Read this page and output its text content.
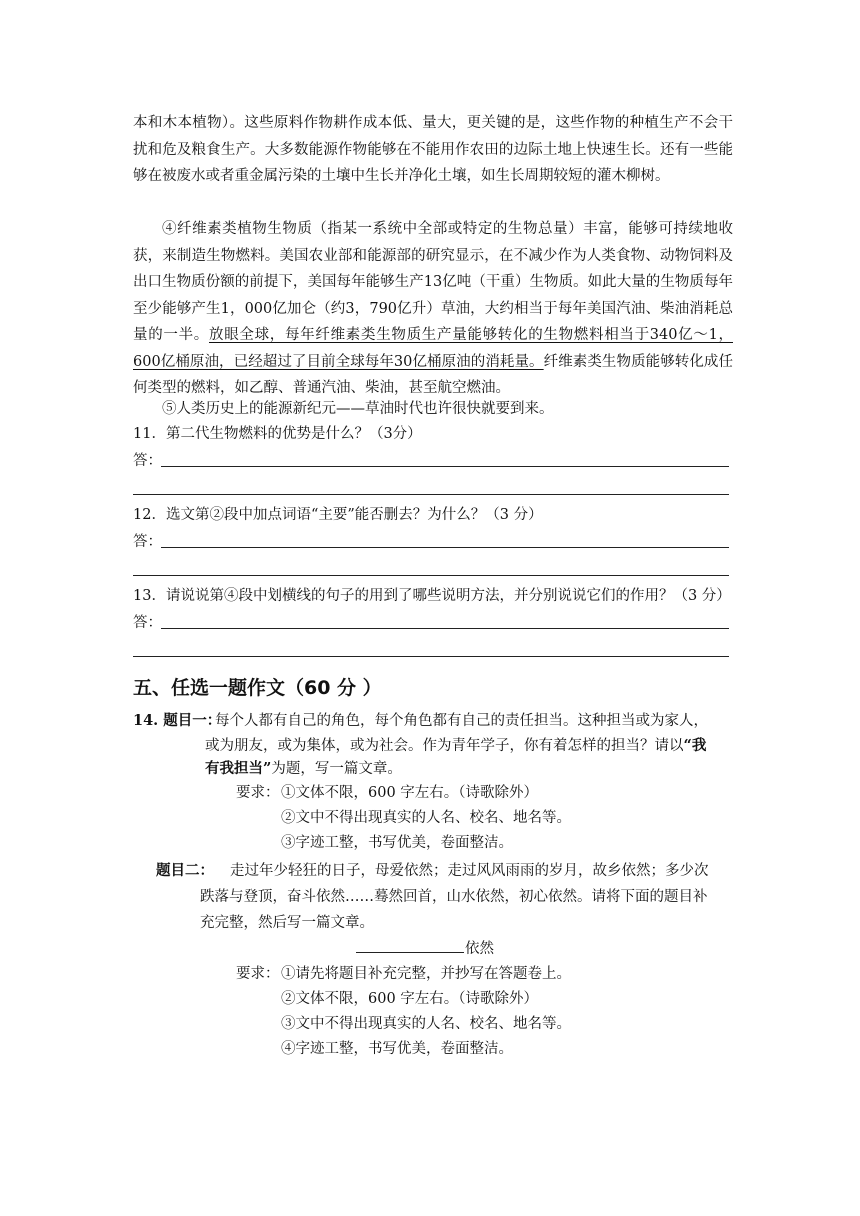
本和木本植物）。这些原料作物耕作成本低、量大，更关键的是，这些作物的种植生产不会干扰和危及粮食生产。大多数能源作物能够在不能用作农田的边际土地上快速生长。还有一些能够在被废水或者重金属污染的土壤中生长并净化土壤，如生长周期较短的灌木柳树。

④纤维素类植物生物质（指某一系统中全部或特定的生物总量）丰富，能够可持续地收获，来制造生物燃料。美国农业部和能源部的研究显示，在不减少作为人类食物、动物饲料及出口生物质份额的前提下，美国每年能够生产13亿吨（干重）生物质。如此大量的生物质每年至少能够产生1，000亿加仑（约3，790亿升）草油，大约相当于每年美国汽油、柴油消耗总量的一半。放眼全球，每年纤维素类生物质生产量能够转化的生物燃料相当于340亿～1，600亿桶原油，已经超过了目前全球每年30亿桶原油的消耗量。纤维素类生物质能够转化成任何类型的燃料，如乙醇、普通汽油、柴油，甚至航空燃油。

⑤人类历史上的能源新纪元——草油时代也许很快就要到来。

11．第二代生物燃料的优势是什么？（3分）

答：

12．选文第②段中加点词语“主要”能否删去？为什么？（3 分）

答：

13．请说说第④段中划横线的句子的用到了哪些说明方法，并分别说说它们的作用？（3 分）

答：
五、任选一题作文（60 分 ）

14. 题目一：

每个人都有自己的角色，每个角色都有自己的责任担当。这种担当或为家人，

或为朋友，或为集体，或为社会。作为青年学子，你有着怎样的担当？请以“我

有我担当”为题，写一篇文章。

要求： ①文体不限，600 字左右。（诗歌除外）

②文中不得出现真实的人名、校名、地名等。

③字迹工整，书写优美，卷面整洁。

题目二： 走过年少轻狂的日子，母爱依然；走过风风雨雨的岁月，故乡依然；多少次

跌落与登顶，奋斗依然……蓦然回首，山水依然，初心依然。请将下面的题目补

充完整，然后写一篇文章。

依然

要求： ①请先将题目补充完整，并抄写在答题卷上。

②文体不限，600 字左右。（诗歌除外）

③文中不得出现真实的人名、校名、地名等。

④字迹工整，书写优美，卷面整洁。
